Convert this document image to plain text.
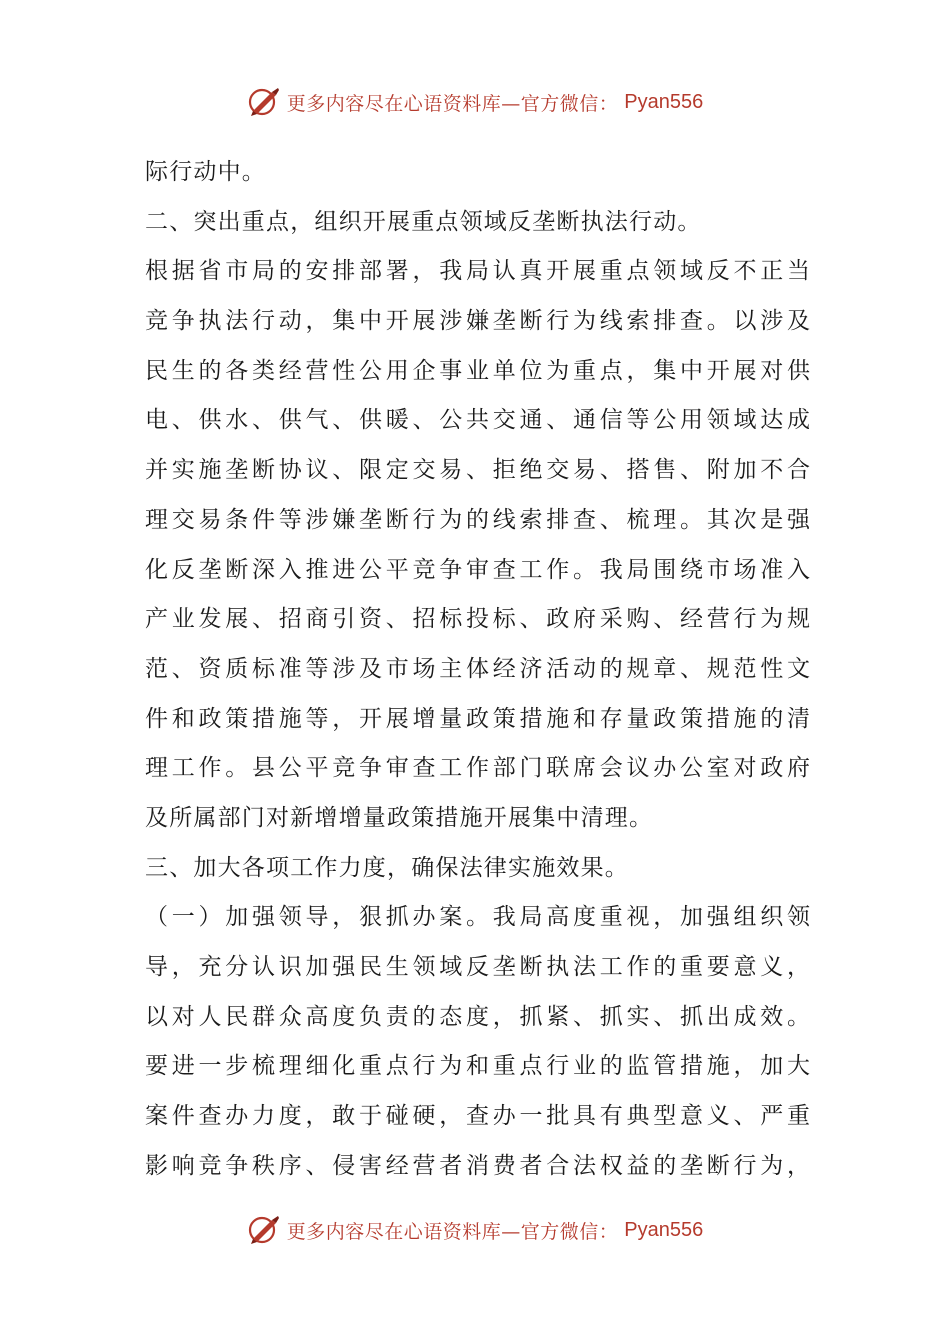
更多内容尽在心语资料库—官方微信： Pyan556
际行动中。
二、突出重点，组织开展重点领域反垄断执法行动。
根据省市局的安排部署，我局认真开展重点领域反不正当
竞争执法行动，集中开展涉嫌垄断行为线索排查。以涉及
民生的各类经营性公用企事业单位为重点，集中开展对供
电、供水、供气、供暖、公共交通、通信等公用领域达成
并实施垄断协议、限定交易、拒绝交易、搭售、附加不合
理交易条件等涉嫌垄断行为的线索排查、梳理。其次是强
化反垄断深入推进公平竞争审查工作。我局围绕市场准入
产业发展、招商引资、招标投标、政府采购、经营行为规
范、资质标准等涉及市场主体经济活动的规章、规范性文
件和政策措施等，开展增量政策措施和存量政策措施的清
理工作。县公平竞争审查工作部门联席会议办公室对政府
及所属部门对新增增量政策措施开展集中清理。
三、加大各项工作力度，确保法律实施效果。
（一）加强领导，狠抓办案。我局高度重视，加强组织领
导，充分认识加强民生领域反垄断执法工作的重要意义，
以对人民群众高度负责的态度，抓紧、抓实、抓出成效。
要进一步梳理细化重点行为和重点行业的监管措施，加大
案件查办力度，敢于碰硬，查办一批具有典型意义、严重
影响竞争秩序、侵害经营者消费者合法权益的垄断行为，
更多内容尽在心语资料库—官方微信： Pyan556
